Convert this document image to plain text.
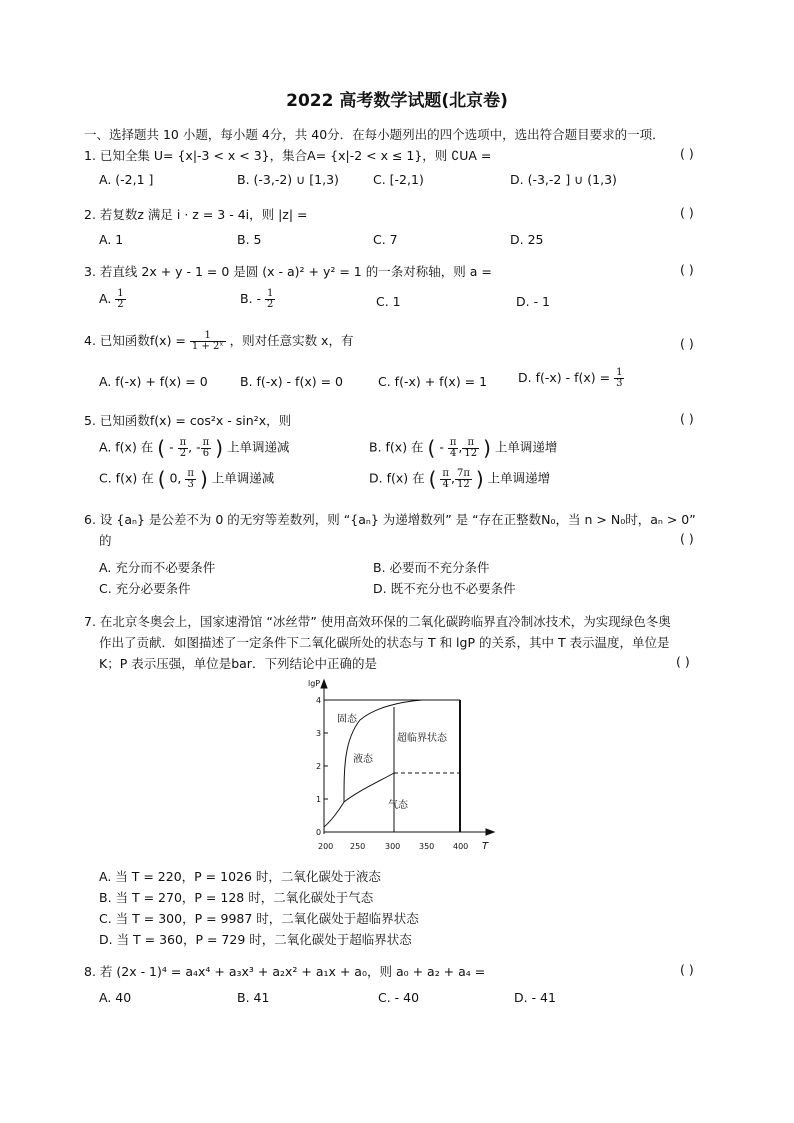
2022 高考数学试题(北京卷)
一、选择题共 10 小题，每小题 4分，共 40分．在每小题列出的四个选项中，选出符合题目要求的一项．
1. 已知全集 U= {x|-3 < x < 3}，集合A= {x|-2 < x ≤ 1}，则 ∁UA =	( )
A. (-2,1 ]	B. (-3,-2) ∪ [1,3)	C. [-2,1)	D. (-3,-2 ] ∪ (1,3)
2. 若复数z 满足 i · z = 3 - 4i，则 |z| =	( )
A. 1	B. 5	C. 7	D. 25
3. 若直线 2x + y - 1 = 0 是圆 (x - a)² + y² = 1 的一条对称轴，则 a =	( )
A. $\frac{1}{2}$	B. - $\frac{1}{2}$	C. 1	D. - 1
4. 已知函数$f(x) = \frac{1}{\text{1 + 2ˣ}}$ ，则对任意实数 x，有	( )
A. f(-x) + f(x) = 0	B. f(-x) - f(x) = 0	C. f(-x) + f(x) = 1 D. $f(-x) - f(x) = \frac{1}{3}$
5. 已知函数f(x) = cos²x - sin²x，则	( )
A. f(x) 在 ( - $\frac{\pi}{2}$ , - $\frac{\pi}{6}$ ) 上单调递减	B. f(x) 在 ( - $\frac{\pi}{4}$ , $\frac{\pi}{12}$ ) 上单调递增
C. f(x) 在 ( 0, $\frac{\pi}{3}$ ) 上单调递减	D. f(x) 在 ( $\frac{\pi}{4}$ , $\frac{7\pi}{12}$ ) 上单调递增
6. 设 {aₙ} 是公差不为 0 的无穷等差数列，则 “{aₙ} 为递增数列” 是 “存在正整数N₀，当 n > N₀时，aₙ > 0”
的	( )
A. 充分而不必要条件	B. 必要而不充分条件
C. 充分必要条件	D. 既不充分也不必要条件
7. 在北京冬奥会上，国家速滑馆 “冰丝带” 使用高效环保的二氧化碳跨临界直冷制冰技术，为实现绿色冬奥
作出了贡献．如图描述了一定条件下二氧化碳所处的状态与 T 和 lgP 的关系，其中 T 表示温度，单位是
K；P 表示压强，单位是bar．下列结论中正确的是	( )
lgP
T
0
1
2
3
4
200 250 300 350 400
固态
液态
超临界状态
气态
A. 当 T = 220，P = 1026 时，二氧化碳处于液态
B. 当 T = 270，P = 128 时，二氧化碳处于气态
C. 当 T = 300，P = 9987 时，二氧化碳处于超临界状态
D. 当 T = 360，P = 729 时，二氧化碳处于超临界状态
8. 若 (2x - 1)⁴ = a₄x⁴ + a₃x³ + a₂x² + a₁x + a₀，则 a₀ + a₂ + a₄ =	( )
A. 40	B. 41	C. - 40	D. - 41
